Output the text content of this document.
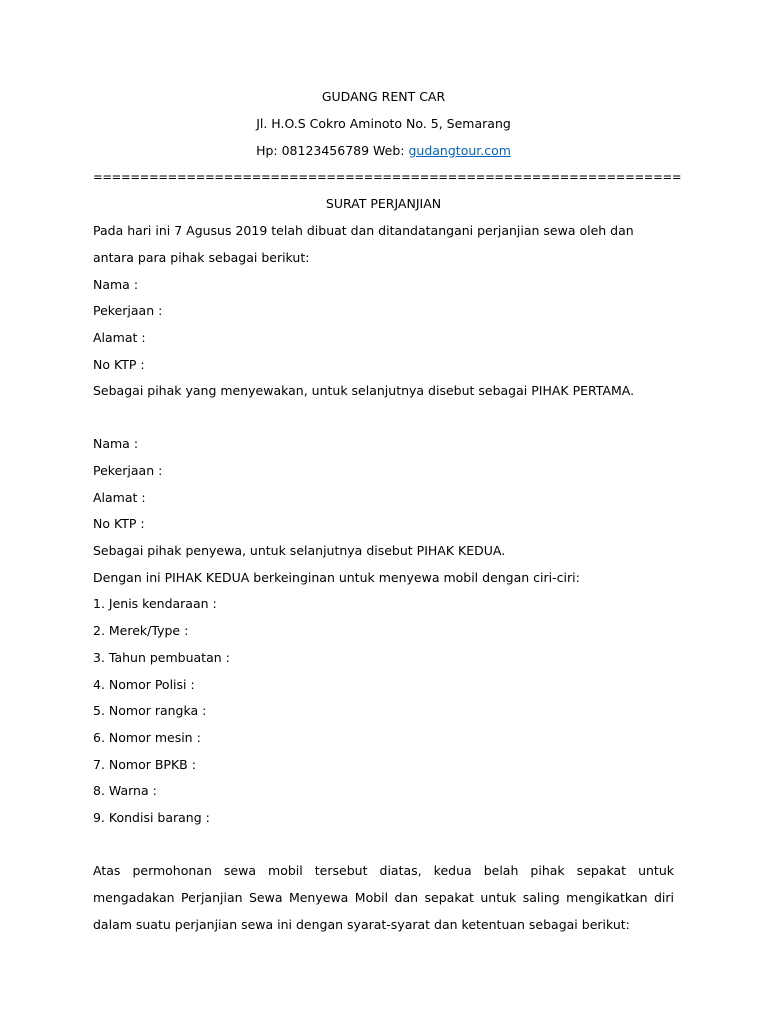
GUDANG RENT CAR
Jl. H.O.S Cokro Aminoto No. 5, Semarang
Hp: 08123456789 Web: gudangtour.com
===============================================================
SURAT PERJANJIAN
Pada hari ini 7 Agusus 2019 telah dibuat dan ditandatangani perjanjian sewa oleh dan
antara para pihak sebagai berikut:
Nama :
Pekerjaan :
Alamat :
No KTP :
Sebagai pihak yang menyewakan, untuk selanjutnya disebut sebagai PIHAK PERTAMA.
Nama :
Pekerjaan :
Alamat :
No KTP :
Sebagai pihak penyewa, untuk selanjutnya disebut PIHAK KEDUA.
Dengan ini PIHAK KEDUA berkeinginan untuk menyewa mobil dengan ciri-ciri:
1. Jenis kendaraan :
2. Merek/Type :
3. Tahun pembuatan :
4. Nomor Polisi :
5. Nomor rangka :
6. Nomor mesin :
7. Nomor BPKB :
8. Warna :
9. Kondisi barang :
Atas permohonan sewa mobil tersebut diatas, kedua belah pihak sepakat untuk
mengadakan Perjanjian Sewa Menyewa Mobil dan sepakat untuk saling mengikatkan diri
dalam suatu perjanjian sewa ini dengan syarat-syarat dan ketentuan sebagai berikut:
